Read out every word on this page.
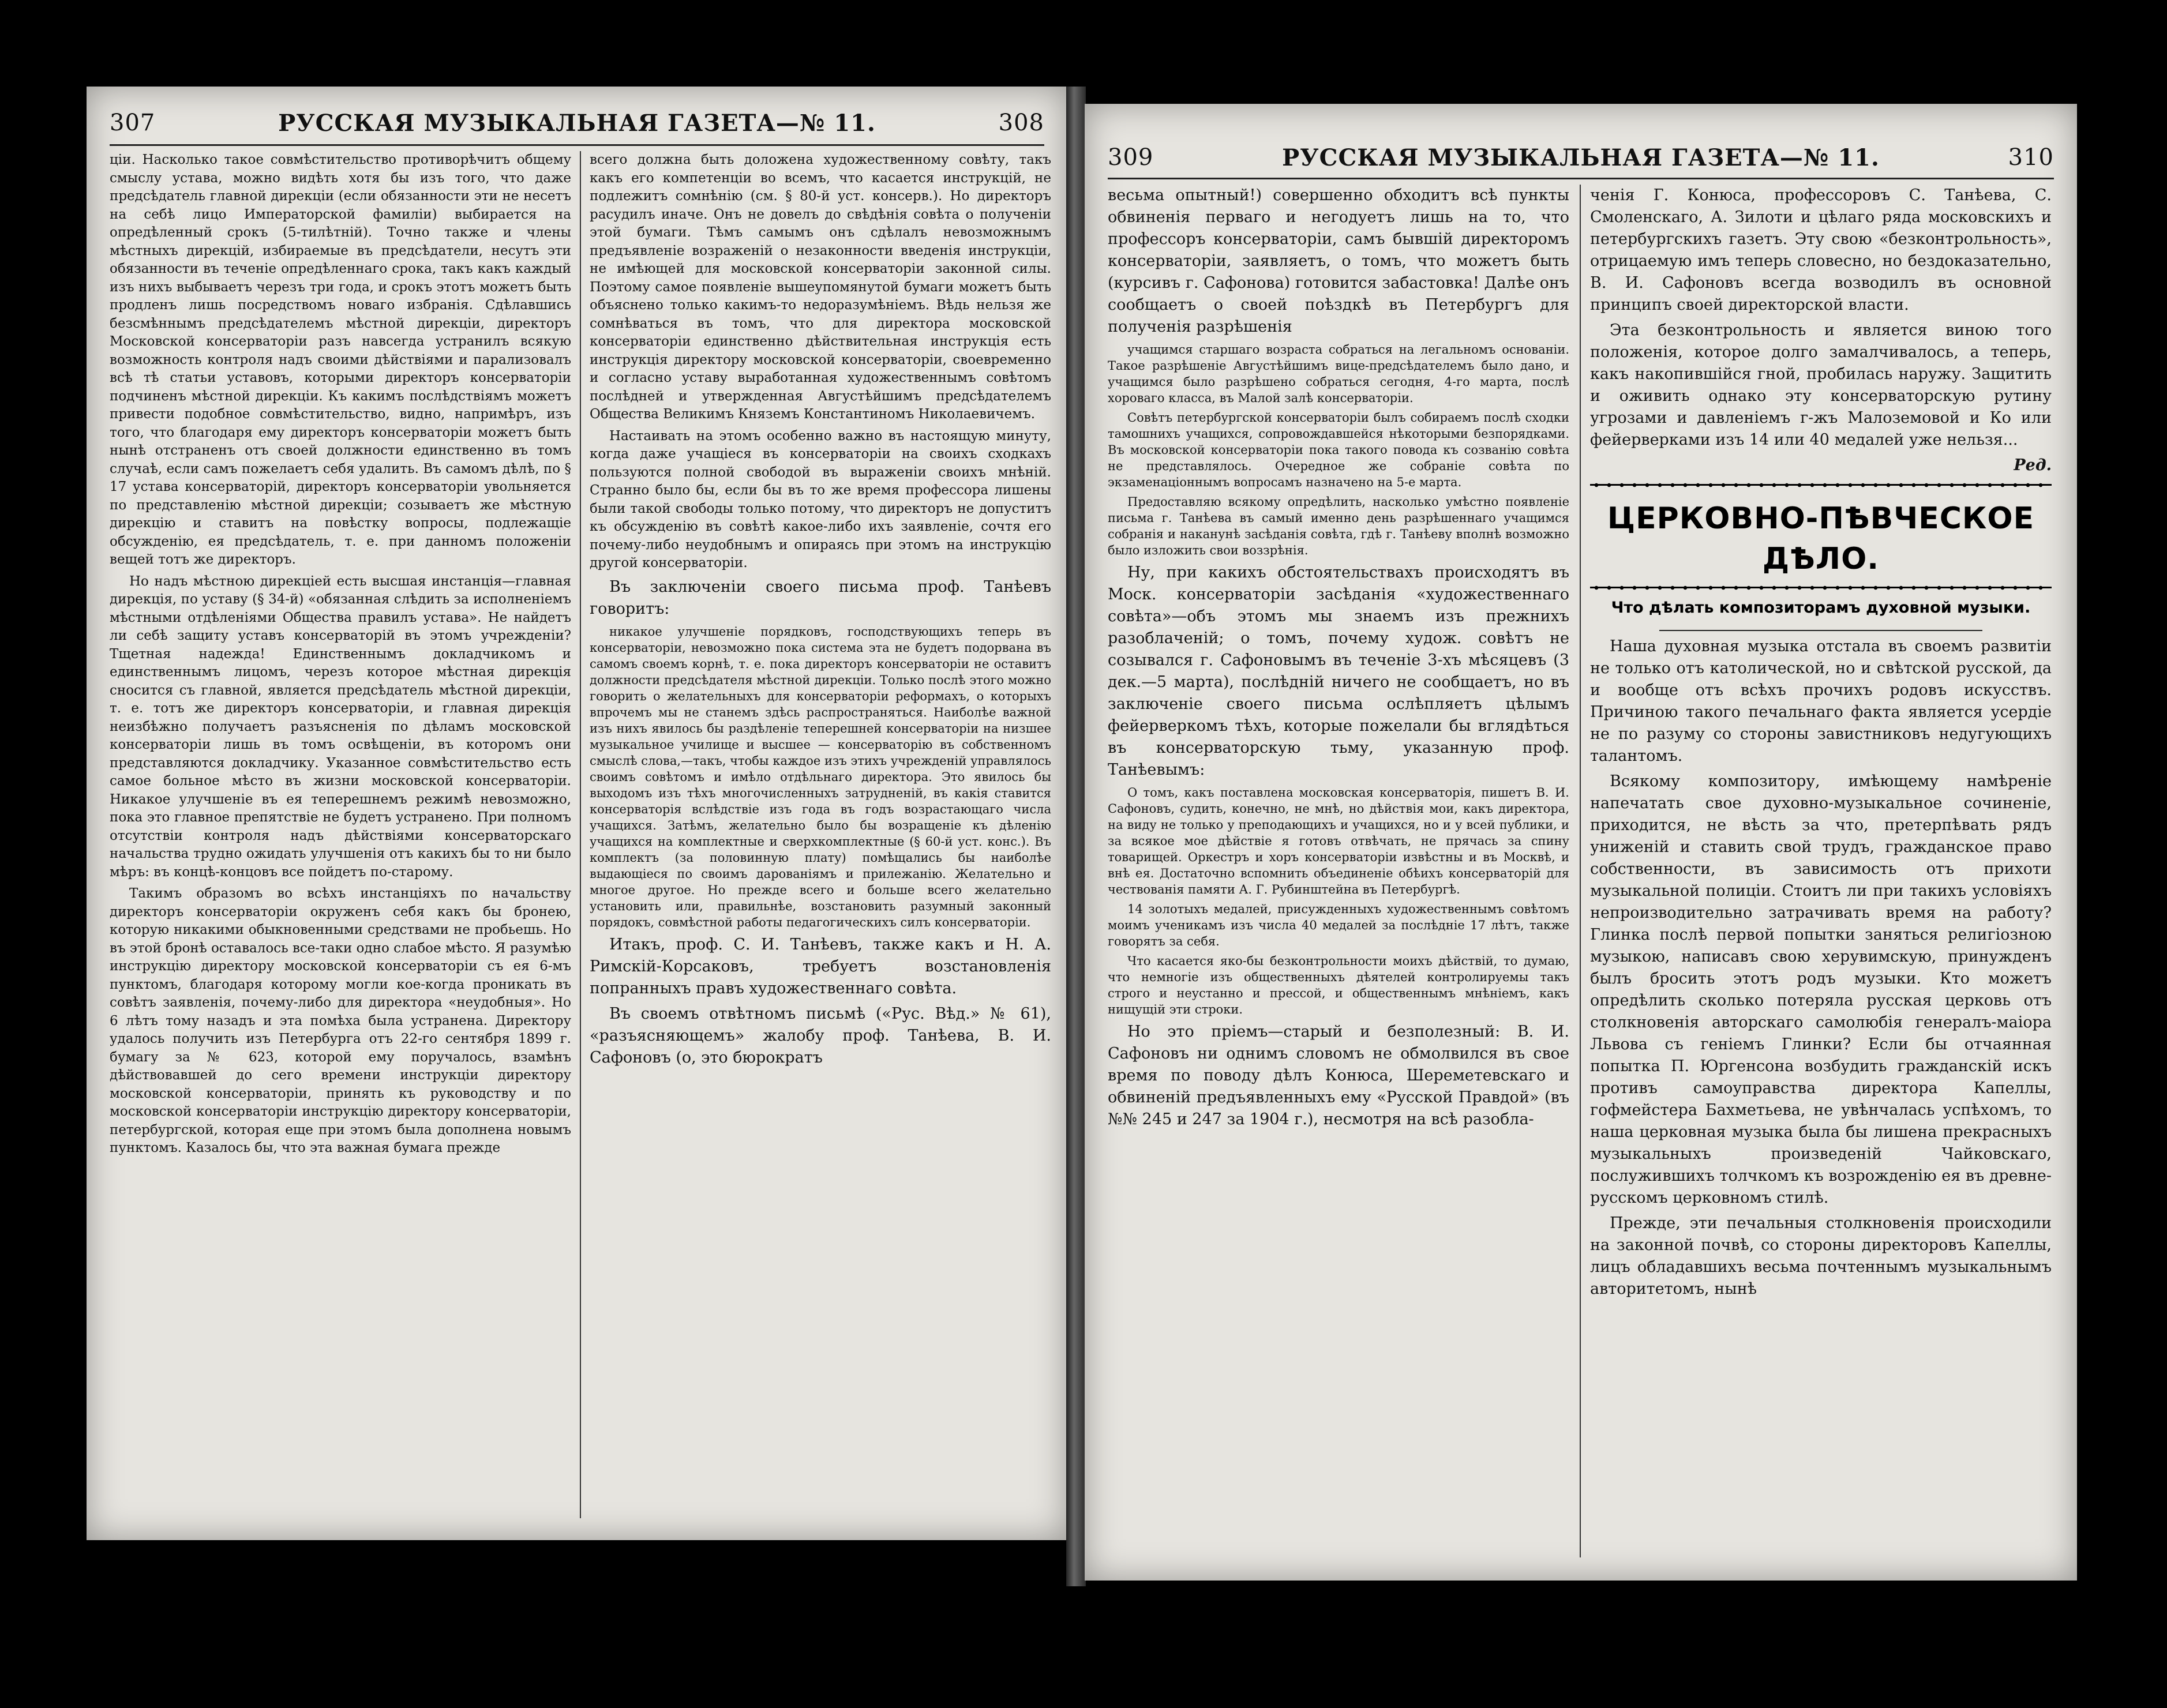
307	РУССКАЯ МУЗЫКАЛЬНАЯ ГАЗЕТА—№ 11.	308

ціи. Насколько такое совмѣстительство противорѣчитъ общему смыслу устава, можно видѣть хотя бы изъ того, что даже предсѣдатель главной дирекціи (если обязанности эти не несетъ на себѣ лицо Императорской фамиліи) выбирается на опредѣленный срокъ (5-тилѣтній). Точно также и члены мѣстныхъ дирекцій, избираемые въ предсѣдатели, несутъ эти обязанности въ теченіе опредѣленнаго срока, такъ какъ каждый изъ нихъ выбываетъ черезъ три года, и срокъ этотъ можетъ быть продленъ лишь посредствомъ новаго избранія. Сдѣлавшись безсмѣннымъ предсѣдателемъ мѣстной дирекціи, директоръ Московской консерваторіи разъ навсегда устранилъ всякую возможность контроля надъ своими дѣйствіями и парализовалъ всѣ тѣ статьи уставовъ, которыми директоръ консерваторіи подчиненъ мѣстной дирекціи. Къ какимъ послѣдствіямъ можетъ привести подобное совмѣстительство, видно, напримѣръ, изъ того, что благодаря ему директоръ консерваторіи можетъ быть нынѣ отстраненъ отъ своей должности единственно въ томъ случаѣ, если самъ пожелаетъ себя удалить. Въ самомъ дѣлѣ, по § 17 устава консерваторій, директоръ консерваторіи увольняется по представленію мѣстной дирекціи; созываетъ же мѣстную дирекцію и ставитъ на повѣстку вопросы, подлежащіе обсужденію, ея предсѣдатель, т. е. при данномъ положеніи вещей тотъ же директоръ.

Но надъ мѣстною дирекціей есть высшая инстанція—главная дирекція, по уставу (§ 34-й) «обязанная слѣдить за исполненіемъ мѣстными отдѣленіями Общества правилъ устава». Не найдетъ ли себѣ защиту уставъ консерваторій въ этомъ учрежденіи? Тщетная надежда! Единственнымъ докладчикомъ и единственнымъ лицомъ, черезъ которое мѣстная дирекція сносится съ главной, является предсѣдатель мѣстной дирекціи, т. е. тотъ же директоръ консерваторіи, и главная дирекція неизбѣжно получаетъ разъясненія по дѣламъ московской консерваторіи лишь въ томъ освѣщеніи, въ которомъ они представляются докладчику. Указанное совмѣстительство есть самое больное мѣсто въ жизни московской консерваторіи. Никакое улучшеніе въ ея теперешнемъ режимѣ невозможно, пока это главное препятствіе не будетъ устранено. При полномъ отсутствіи контроля надъ дѣйствіями консерваторскаго начальства трудно ожидать улучшенія отъ какихъ бы то ни было мѣръ: въ концѣ-концовъ все пойдетъ по-старому.

Такимъ образомъ во всѣхъ инстанціяхъ по начальству директоръ консерваторіи окруженъ себя какъ бы бронею, которую никакими обыкновенными средствами не пробьешь. Но въ этой бронѣ оставалось все-таки одно слабое мѣсто. Я разумѣю инструкцію директору московской консерваторіи съ ея 6-мъ пунктомъ, благодаря которому могли кое-когда проникать въ совѣтъ заявленія, почему-либо для директора «неудобныя». Но 6 лѣтъ тому назадъ и эта помѣха была устранена. Директору удалось получить изъ Петербурга отъ 22-го сентября 1899 г. бумагу за № 623, которой ему поручалось, взамѣнъ дѣйствовавшей до сего времени инструкціи директору московской консерваторіи, принять къ руководству и по московской консерваторіи инструкцію директору консерваторіи, петербургской, которая еще при этомъ была дополнена новымъ пунктомъ. Казалось бы, что эта важная бумага прежде

всего должна быть доложена художественному совѣту, такъ какъ его компетенціи во всемъ, что касается инструкцій, не подлежитъ сомнѣнію (см. § 80-й уст. консерв.). Но директоръ расудилъ иначе. Онъ не довелъ до свѣдѣнія совѣта о полученіи этой бумаги. Тѣмъ самымъ онъ сдѣлалъ невозможнымъ предъявленіе возраженій о незаконности введенія инструкціи, не имѣющей для московской консерваторіи законной силы. Поэтому самое появленіе вышеупомянутой бумаги можетъ быть объяснено только какимъ-то недоразумѣніемъ. Вѣдь нельзя же сомнѣваться въ томъ, что для директора московской консерваторіи единственно дѣйствительная инструкція есть инструкція директору московской консерваторіи, своевременно и согласно уставу выработанная художественнымъ совѣтомъ послѣдней и утвержденная Августѣйшимъ предсѣдателемъ Общества Великимъ Княземъ Константиномъ Николаевичемъ.

Настаивать на этомъ особенно важно въ настоящую минуту, когда даже учащіеся въ консерваторіи на своихъ сходкахъ пользуются полной свободой въ выраженіи своихъ мнѣній. Странно было бы, если бы въ то же время профессора лишены были такой свободы только потому, что директоръ не допуститъ къ обсужденію въ совѣтѣ какое-либо ихъ заявленіе, сочтя его почему-либо неудобнымъ и опираясь при этомъ на инструкцію другой консерваторіи.

Въ заключеніи своего письма проф. Танѣевъ говоритъ:

никакое улучшеніе порядковъ, господствующихъ теперь въ консерваторіи, невозможно пока система эта не будетъ подорвана въ самомъ своемъ корнѣ, т. е. пока директоръ консерваторіи не оставитъ должности предсѣдателя мѣстной дирекціи. Только послѣ этого можно говорить о желательныхъ для консерваторіи реформахъ, о которыхъ впрочемъ мы не станемъ здѣсь распространяться. Наиболѣе важной изъ нихъ явилось бы раздѣленіе теперешней консерваторіи на низшее музыкальное училище и высшее — консерваторію въ собственномъ смыслѣ слова,—такъ, чтобы каждое изъ этихъ учрежденій управлялось своимъ совѣтомъ и имѣло отдѣльнаго директора. Это явилось бы выходомъ изъ тѣхъ многочисленныхъ затрудненій, въ какія ставится консерваторія вслѣдствіе изъ года въ годъ возрастающаго числа учащихся. Затѣмъ, желательно было бы возращеніе къ дѣленію учащихся на комплектные и сверхкомплектные (§ 60-й уст. конс.). Въ комплектъ (за половинную плату) помѣщались бы наиболѣе выдающіеся по своимъ дарованіямъ и прилежанію. Желательно и многое другое. Но прежде всего и больше всего желательно установить или, правильнѣе, возстановить разумный законный порядокъ, совмѣстной работы педагогическихъ силъ консерваторіи.

Итакъ, проф. С. И. Танѣевъ, также какъ и Н. А. Римскій-Корсаковъ, требуетъ возстановленія попранныхъ правъ художественнаго совѣта.

Въ своемъ отвѣтномъ письмѣ («Рус. Вѣд.» № 61), «разъясняющемъ» жалобу проф. Танѣева, В. И. Сафоновъ (о, это бюрократъ

309	РУССКАЯ МУЗЫКАЛЬНАЯ ГАЗЕТА—№ 11.	310

весьма опытный!) совершенно обходитъ всѣ пункты обвиненія перваго и негодуетъ лишь на то, что профессоръ консерваторіи, самъ бывшій директоромъ консерваторіи, заявляетъ, о томъ, что можетъ быть (курсивъ г. Сафонова) готовится забастовка! Далѣе онъ сообщаетъ о своей поѣздкѣ въ Петербургъ для полученія разрѣшенія

учащимся старшаго возраста собраться на легальномъ основаніи. Такое разрѣшеніе Августѣйшимъ вице-предсѣдателемъ было дано, и учащимся было разрѣшено собраться сегодня, 4-го марта, послѣ хороваго класса, въ Малой залѣ консерваторіи.

Совѣтъ петербургской консерваторіи былъ собираемъ послѣ сходки тамошнихъ учащихся, сопровождавшейся нѣкоторыми безпорядками. Въ московской консерваторіи пока такого повода къ созванію совѣта не представлялось. Очередное же собраніе совѣта по экзаменаціоннымъ вопросамъ назначено на 5-е марта.

Предоставляю всякому опредѣлить, насколько умѣстно появленіе письма г. Танѣева въ самый именно день разрѣшеннаго учащимся собранія и наканунѣ засѣданія совѣта, гдѣ г. Танѣеву вполнѣ возможно было изложить свои воззрѣнія.

Ну, при какихъ обстоятельствахъ происходятъ въ Моск. консерваторіи засѣданія «художественнаго совѣта»—объ этомъ мы знаемъ изъ прежнихъ разоблаченій; о томъ, почему худож. совѣтъ не созывался г. Сафоновымъ въ теченіе 3-хъ мѣсяцевъ (3 дек.—5 марта), послѣдній ничего не сообщаетъ, но въ заключеніе своего письма ослѣпляетъ цѣлымъ фейерверкомъ тѣхъ, которые пожелали бы вглядѣться въ консерваторскую тьму, указанную проф. Танѣевымъ:

О томъ, какъ поставлена московская консерваторія, пишетъ В. И. Сафоновъ, судить, конечно, не мнѣ, но дѣйствія мои, какъ директора, на виду не только у преподающихъ и учащихся, но и у всей публики, и за всякое мое дѣйствіе я готовъ отвѣчать, не прячась за спину товарищей. Оркестръ и хоръ консерваторіи извѣстны и въ Москвѣ, и внѣ ея. Достаточно вспомнить объединеніе обѣихъ консерваторій для чествованія памяти А. Г. Рубинштейна въ Петербургѣ.

14 золотыхъ медалей, присужденныхъ художественнымъ совѣтомъ моимъ ученикамъ изъ числа 40 медалей за послѣдніе 17 лѣтъ, также говорятъ за себя.

Что касается яко-бы безконтрольности моихъ дѣйствій, то думаю, что немногіе изъ общественныхъ дѣятелей контролируемы такъ строго и неустанно и прессой, и общественнымъ мнѣніемъ, какъ нищущій эти строки.

Но это пріемъ—старый и безполезный: В. И. Сафоновъ ни однимъ словомъ не обмолвился въ свое время по поводу дѣлъ Конюса, Шереметевскаго и обвиненій предъявленныхъ ему «Русской Правдой» (въ №№ 245 и 247 за 1904 г.), несмотря на всѣ разобла-

ченія Г. Конюса, профессоровъ С. Танѣева, С. Смоленскаго, А. Зилоти и цѣлаго ряда московскихъ и петербургскихъ газетъ. Эту свою «безконтрольность», отрицаемую имъ теперь словесно, но бездоказательно, В. И. Сафоновъ всегда возводилъ въ основной принципъ своей директорской власти.

Эта безконтрольность и является виною того положенія, которое долго замалчивалось, а теперь, какъ накопившійся гной, пробилась наружу. Защитить и оживить однако эту консерваторскую рутину угрозами и давленіемъ г-жъ Малоземовой и Ко или фейерверками изъ 14 или 40 медалей уже нельзя...

Ред.

ЦЕРКОВНО-ПѢВЧЕСКОЕ ДѢЛО.

Что дѣлать композиторамъ духовной музыки.

Наша духовная музыка отстала въ своемъ развитіи не только отъ католической, но и свѣтской русской, да и вообще отъ всѣхъ прочихъ родовъ искусствъ. Причиною такого печальнаго факта является усердіе не по разуму со стороны завистниковъ недугующихъ талантомъ.

Всякому композитору, имѣющему намѣреніе напечатать свое духовно-музыкальное сочиненіе, приходится, не вѣсть за что, претерпѣвать рядъ униженій и ставить свой трудъ, гражданское право собственности, въ зависимость отъ прихоти музыкальной полиціи. Стоитъ ли при такихъ условіяхъ непроизводительно затрачивать время на работу? Глинка послѣ первой попытки заняться религіозною музыкою, написавъ свою херувимскую, принужденъ былъ бросить этотъ родъ музыки. Кто можетъ опредѣлить сколько потеряла русская церковь отъ столкновенія авторскаго самолюбія генералъ-маіора Львова съ геніемъ Глинки? Если бы отчаянная попытка П. Юргенсона возбудить гражданскій искъ противъ самоуправства директора Капеллы, гофмейстера Бахметьева, не увѣнчалась успѣхомъ, то наша церковная музыка была бы лишена прекрасныхъ музыкальныхъ произведеній Чайковскаго, послужившихъ толчкомъ къ возрожденію ея въ древне-русскомъ церковномъ стилѣ.

Прежде, эти печальныя столкновенія происходили на законной почвѣ, со стороны директоровъ Капеллы, лицъ обладавшихъ весьма почтеннымъ музыкальнымъ авторитетомъ, нынѣ
